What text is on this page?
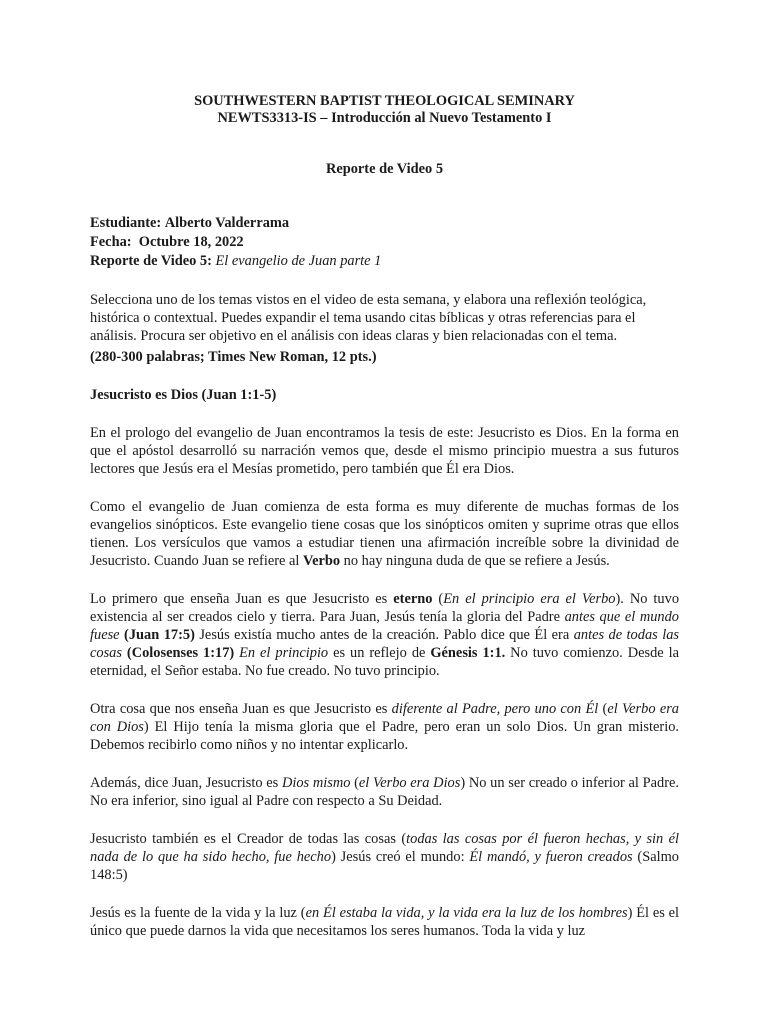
SOUTHWESTERN BAPTIST THEOLOGICAL SEMINARY
NEWTS3313-IS – Introducción al Nuevo Testamento I
Reporte de Video 5
Estudiante: Alberto Valderrama
Fecha: Octubre 18, 2022
Reporte de Video 5: El evangelio de Juan parte 1

Selecciona uno de los temas vistos en el video de esta semana, y elabora una reflexión teológica, histórica o contextual. Puedes expandir el tema usando citas bíblicas y otras referencias para el análisis. Procura ser objetivo en el análisis con ideas claras y bien relacionadas con el tema.

(280-300 palabras; Times New Roman, 12 pts.)

Jesucristo es Dios (Juan 1:1-5)

En el prologo del evangelio de Juan encontramos la tesis de este: Jesucristo es Dios. En la forma en que el apóstol desarrolló su narración vemos que, desde el mismo principio muestra a sus futuros lectores que Jesús era el Mesías prometido, pero también que Él era Dios.

Como el evangelio de Juan comienza de esta forma es muy diferente de muchas formas de los evangelios sinópticos. Este evangelio tiene cosas que los sinópticos omiten y suprime otras que ellos tienen. Los versículos que vamos a estudiar tienen una afirmación increíble sobre la divinidad de Jesucristo. Cuando Juan se refiere al Verbo no hay ninguna duda de que se refiere a Jesús.

Lo primero que enseña Juan es que Jesucristo es eterno (En el principio era el Verbo). No tuvo existencia al ser creados cielo y tierra. Para Juan, Jesús tenía la gloria del Padre antes que el mundo fuese (Juan 17:5) Jesús existía mucho antes de la creación. Pablo dice que Él era antes de todas las cosas (Colosenses 1:17) En el principio es un reflejo de Génesis 1:1. No tuvo comienzo. Desde la eternidad, el Señor estaba. No fue creado. No tuvo principio.

Otra cosa que nos enseña Juan es que Jesucristo es diferente al Padre, pero uno con Él (el Verbo era con Dios) El Hijo tenía la misma gloria que el Padre, pero eran un solo Dios. Un gran misterio. Debemos recibirlo como niños y no intentar explicarlo.

Además, dice Juan, Jesucristo es Dios mismo (el Verbo era Dios) No un ser creado o inferior al Padre. No era inferior, sino igual al Padre con respecto a Su Deidad.

Jesucristo también es el Creador de todas las cosas (todas las cosas por él fueron hechas, y sin él nada de lo que ha sido hecho, fue hecho) Jesús creó el mundo: Él mandó, y fueron creados (Salmo 148:5)

Jesús es la fuente de la vida y la luz (en Él estaba la vida, y la vida era la luz de los hombres) Él es el único que puede darnos la vida que necesitamos los seres humanos. Toda la vida y luz
